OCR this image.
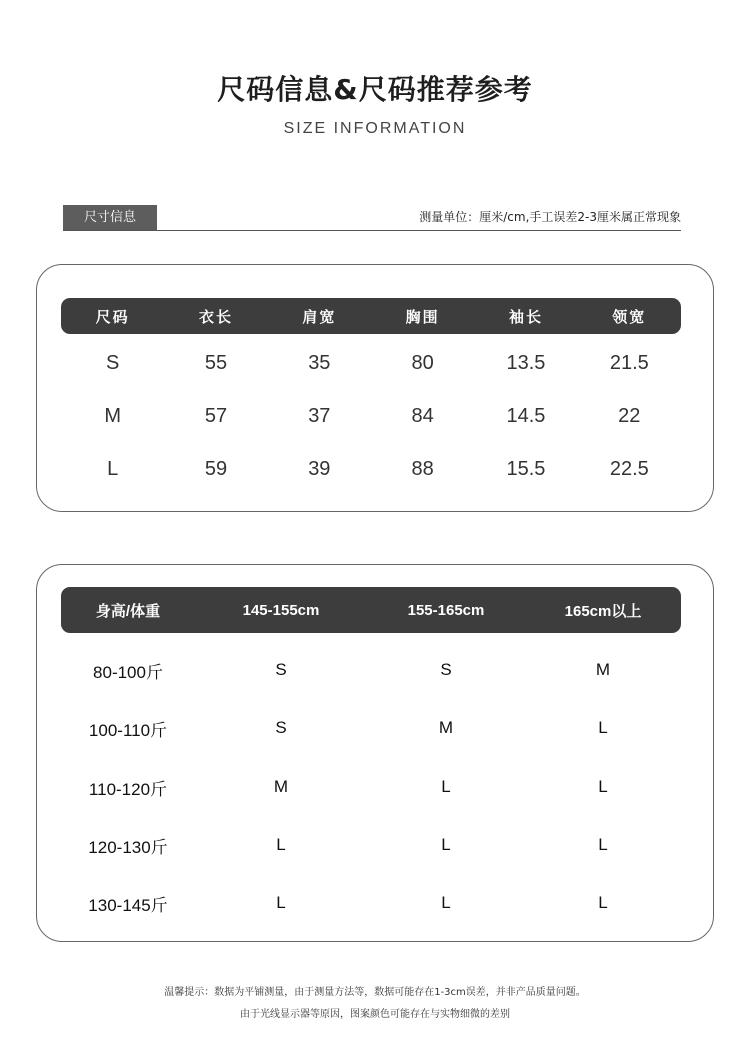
尺码信息&尺码推荐参考
SIZE INFORMATION
尺寸信息	测量单位：厘米/cm,手工误差2-3厘米属正常现象
尺码	衣长	肩宽	胸围	袖长	领宽
S	55	35	80	13.5	21.5
M	57	37	84	14.5	22
L	59	39	88	15.5	22.5
身高/体重	145-155cm	155-165cm	165cm以上
80-100斤	S	S	M
100-110斤	S	M	L
110-120斤	M	L	L
120-130斤	L	L	L
130-145斤	L	L	L
温馨提示：数据为平铺测量，由于测量方法等，数据可能存在1-3cm误差，并非产品质量问题。
由于光线显示器等原因，图案颜色可能存在与实物细微的差别
